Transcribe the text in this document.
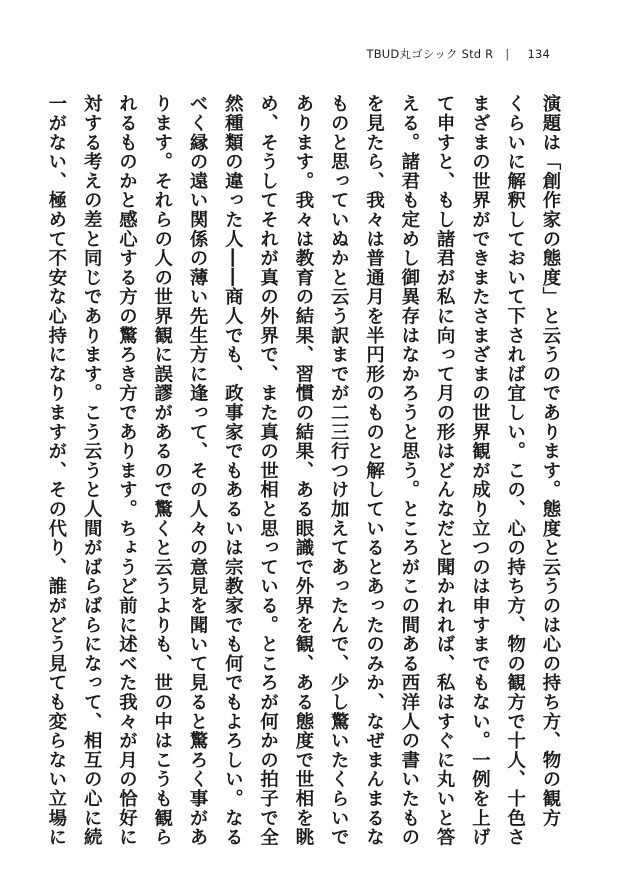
TBUD丸ゴシック Std R | 134
演題は「創作家の態度」と云うのであります。態度と云うのは心の持ち方、物の観方
くらいに解釈しておいて下されば宜しい。この、心の持ち方、物の観方で十人、十色さ
まざまの世界ができまたさまざまの世界観が成り立つのは申すまでもない。一例を上げ
て申すと、もし諸君が私に向って月の形はどんなだと聞かれれば、私はすぐに丸いと答
える。諸君も定めし御異存はなかろうと思う。ところがこの間ある西洋人の書いたもの
を見たら、我々は普通月を半円形のものと解しているとあったのみか、なぜまんまるな
ものと思っていぬかと云う訳までが二三行つけ加えてあったんで、少し驚いたくらいで
あります。我々は教育の結果、習慣の結果、ある眼識で外界を観、ある態度で世相を眺
め、そうしてそれが真の外界で、また真の世相と思っている。ところが何かの拍子で全
然種類の違った人――商人でも、政事家でもあるいは宗教家でも何でもよろしい。なる
べく縁の遠い関係の薄い先生方に逢って、その人々の意見を聞いて見ると驚ろく事があ
ります。それらの人の世界観に誤謬があるので驚くと云うよりも、世の中はこうも観ら
れるものかと感心する方の驚ろき方であります。ちょうど前に述べた我々が月の恰好に
対する考えの差と同じであります。こう云うと人間がばらばらになって、相互の心に続
一がない、極めて不安な心持になりますが、その代り、誰がどう見ても変らない立場に
